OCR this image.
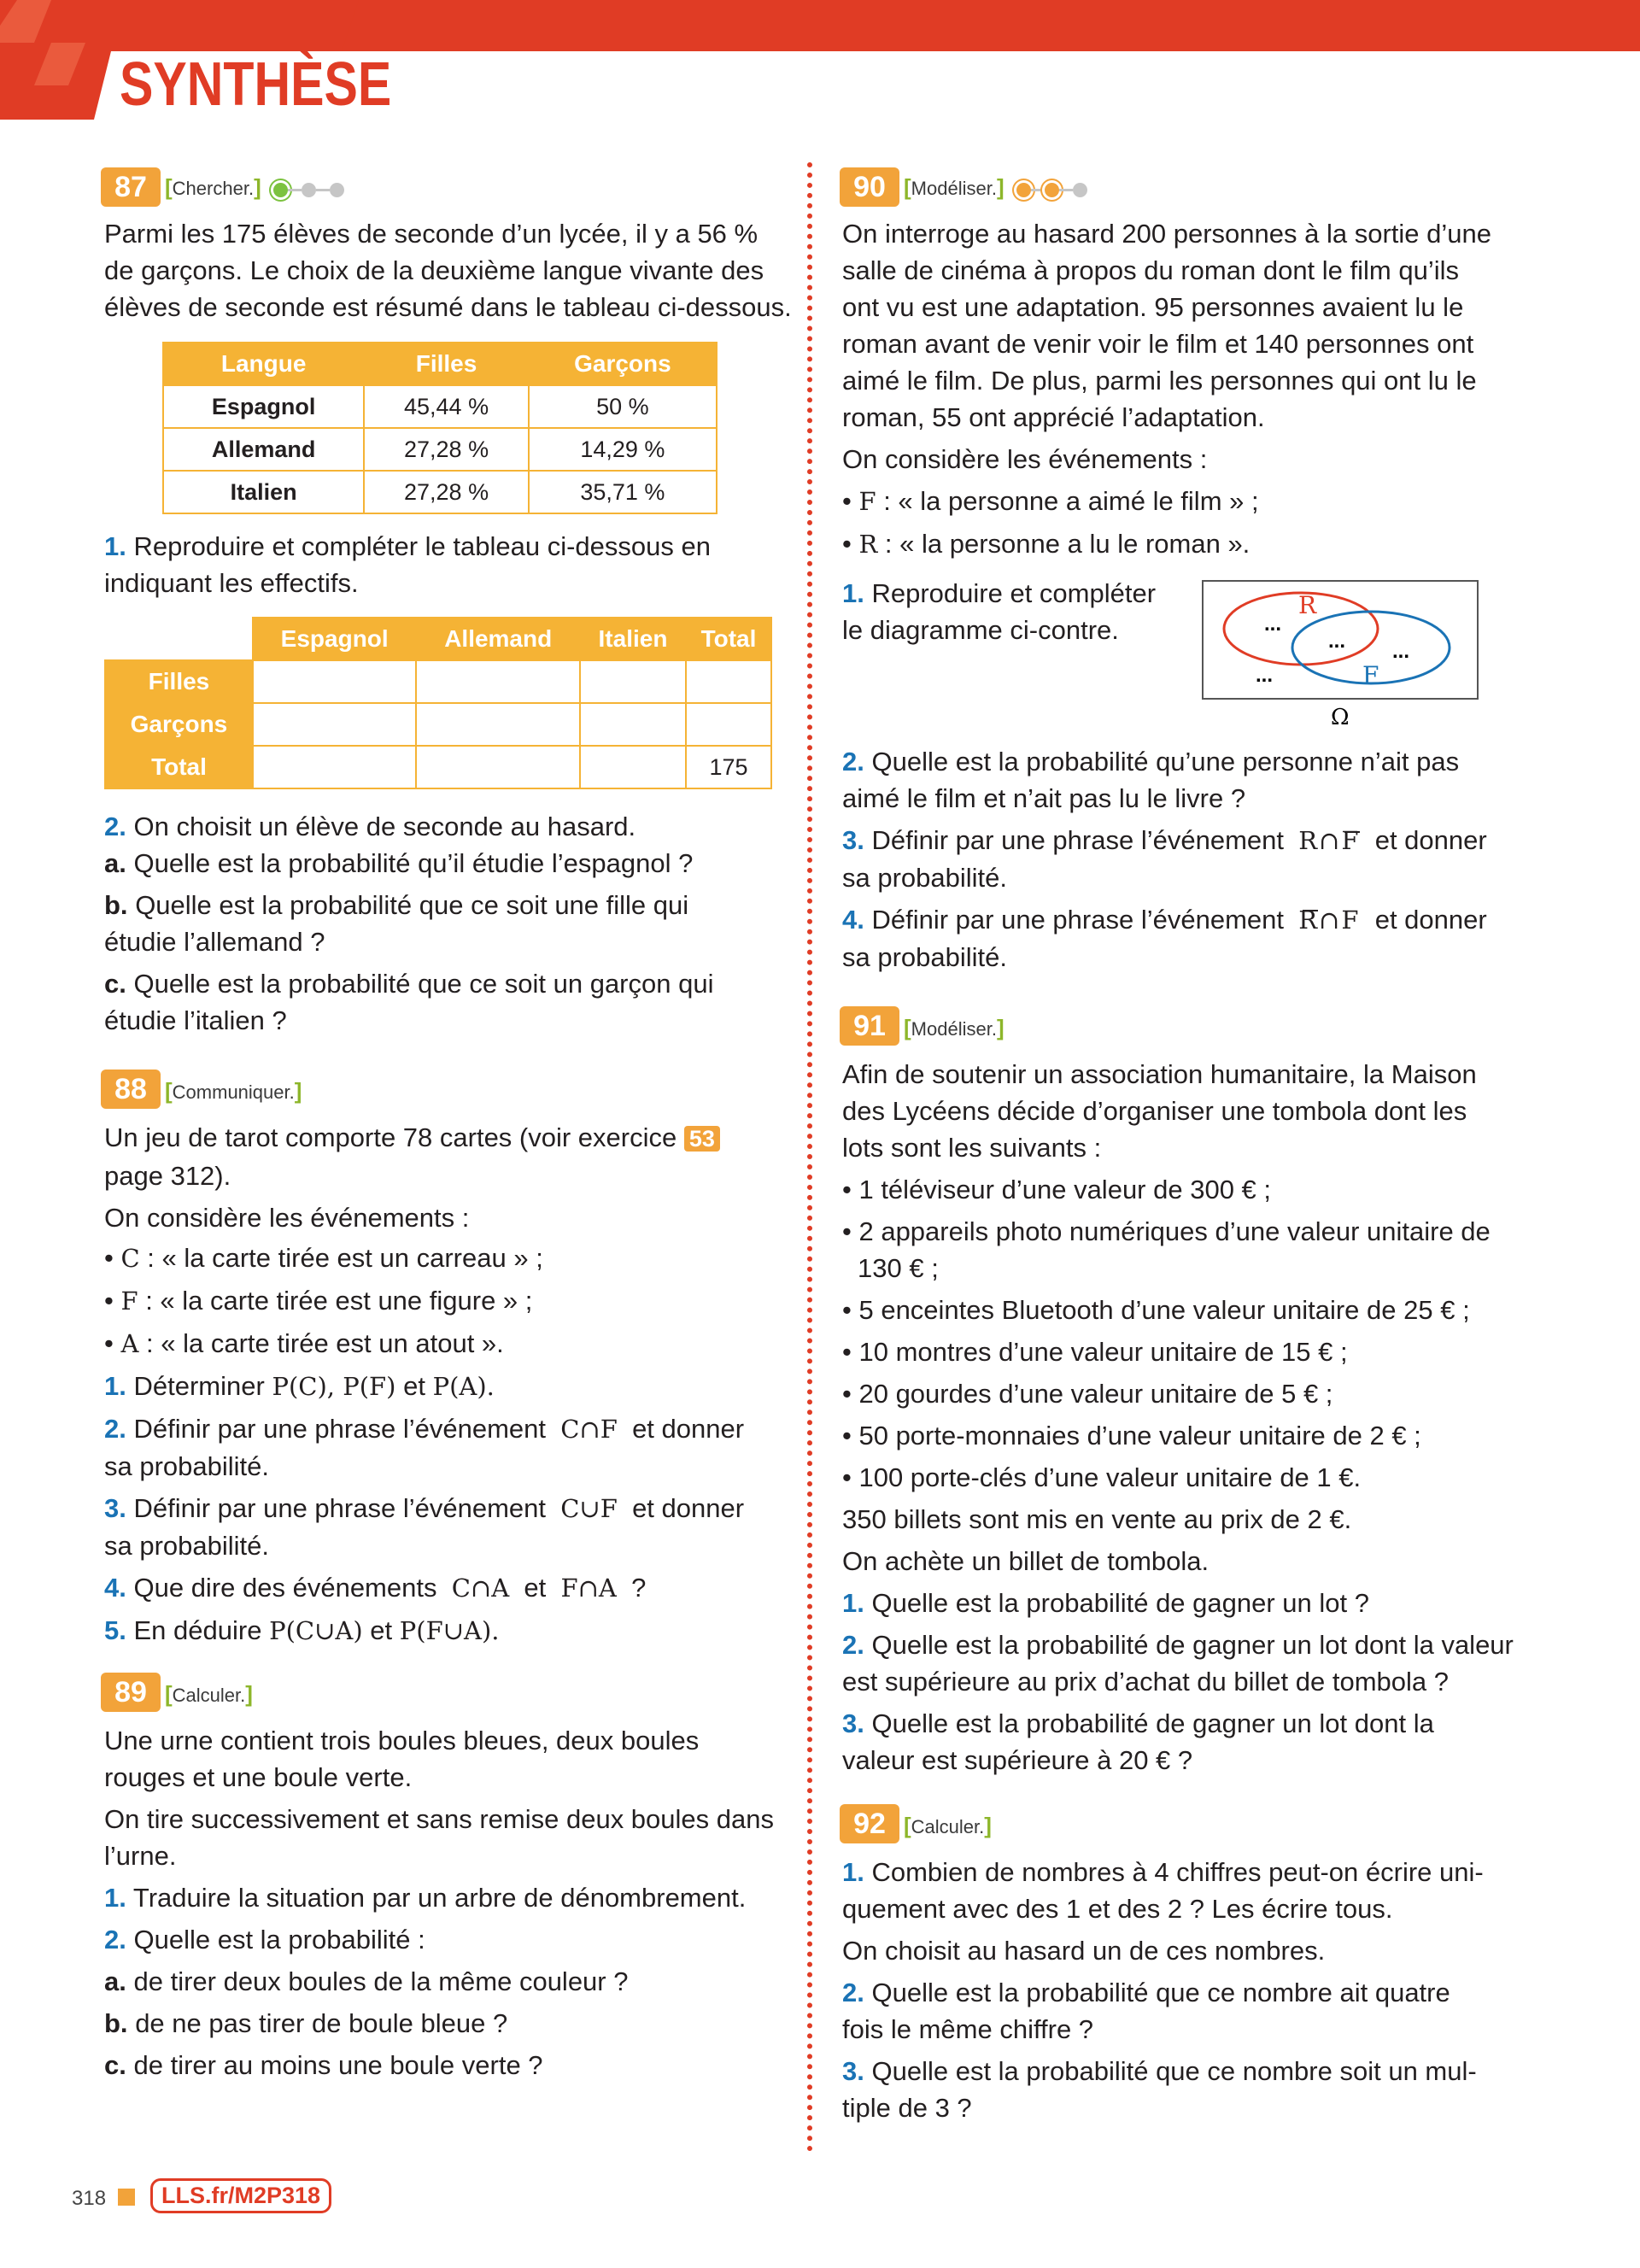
SYNTHÈSE
87 [Chercher.]
Parmi les 175 élèves de seconde d’un lycée, il y a 56 %
de garçons. Le choix de la deuxième langue vivante des
élèves de seconde est résumé dans le tableau ci-dessous.
Langue	Filles	Garçons
Espagnol	45,44 %	50 %
Allemand	27,28 %	14,29 %
Italien	27,28 %	35,71 %
1. Reproduire et compléter le tableau ci-dessous en
indiquant les effectifs.
	Espagnol	Allemand	Italien	Total
Filles				
Garçons				
Total				175
2. On choisit un élève de seconde au hasard.
a. Quelle est la probabilité qu’il étudie l’espagnol ?
b. Quelle est la probabilité que ce soit une fille qui
étudie l’allemand ?
c. Quelle est la probabilité que ce soit un garçon qui
étudie l’italien ?
88 [Communiquer.]
Un jeu de tarot comporte 78 cartes (voir exercice 53
page 312).
On considère les événements :
• C : « la carte tirée est un carreau » ;
• F : « la carte tirée est une figure » ;
• A : « la carte tirée est un atout ».
1. Déterminer P(C), P(F) et P(A).
2. Définir par une phrase l’événement C∩F et donner
sa probabilité.
3. Définir par une phrase l’événement C∪F et donner
sa probabilité.
4. Que dire des événements C∩A et F∩A ?
5. En déduire P(C∪A) et P(F∪A).
89 [Calculer.]
Une urne contient trois boules bleues, deux boules
rouges et une boule verte.
On tire successivement et sans remise deux boules dans
l’urne.
1. Traduire la situation par un arbre de dénombrement.
2. Quelle est la probabilité :
a. de tirer deux boules de la même couleur ?
b. de ne pas tirer de boule bleue ?
c. de tirer au moins une boule verte ?
90 [Modéliser.]
On interroge au hasard 200 personnes à la sortie d’une
salle de cinéma à propos du roman dont le film qu’ils
ont vu est une adaptation. 95 personnes avaient lu le
roman avant de venir voir le film et 140 personnes ont
aimé le film. De plus, parmi les personnes qui ont lu le
roman, 55 ont apprécié l’adaptation.
On considère les événements :
• F : « la personne a aimé le film » ;
• R : « la personne a lu le roman ».
1. Reproduire et compléter
le diagramme ci-contre.
R
F
...
... ...
...
Ω
2. Quelle est la probabilité qu’une personne n’ait pas
aimé le film et n’ait pas lu le livre ?
3. Définir par une phrase l’événement R∩F et donner
sa probabilité.
4. Définir par une phrase l’événement R∩F et donner
sa probabilité.
91 [Modéliser.]
Afin de soutenir un association humanitaire, la Maison
des Lycéens décide d’organiser une tombola dont les
lots sont les suivants :
• 1 téléviseur d’une valeur de 300 € ;
• 2 appareils photo numériques d’une valeur unitaire de
130 € ;
• 5 enceintes Bluetooth d’une valeur unitaire de 25 € ;
• 10 montres d’une valeur unitaire de 15 € ;
• 20 gourdes d’une valeur unitaire de 5 € ;
• 50 porte-monnaies d’une valeur unitaire de 2 € ;
• 100 porte-clés d’une valeur unitaire de 1 €.
350 billets sont mis en vente au prix de 2 €.
On achète un billet de tombola.
1. Quelle est la probabilité de gagner un lot ?
2. Quelle est la probabilité de gagner un lot dont la valeur
est supérieure au prix d’achat du billet de tombola ?
3. Quelle est la probabilité de gagner un lot dont la
valeur est supérieure à 20 € ?
92 [Calculer.]
1. Combien de nombres à 4 chiffres peut-on écrire uni-
quement avec des 1 et des 2 ? Les écrire tous.
On choisit au hasard un de ces nombres.
2. Quelle est la probabilité que ce nombre ait quatre
fois le même chiffre ?
3. Quelle est la probabilité que ce nombre soit un mul-
tiple de 3 ?
318	LLS.fr/M2P318
